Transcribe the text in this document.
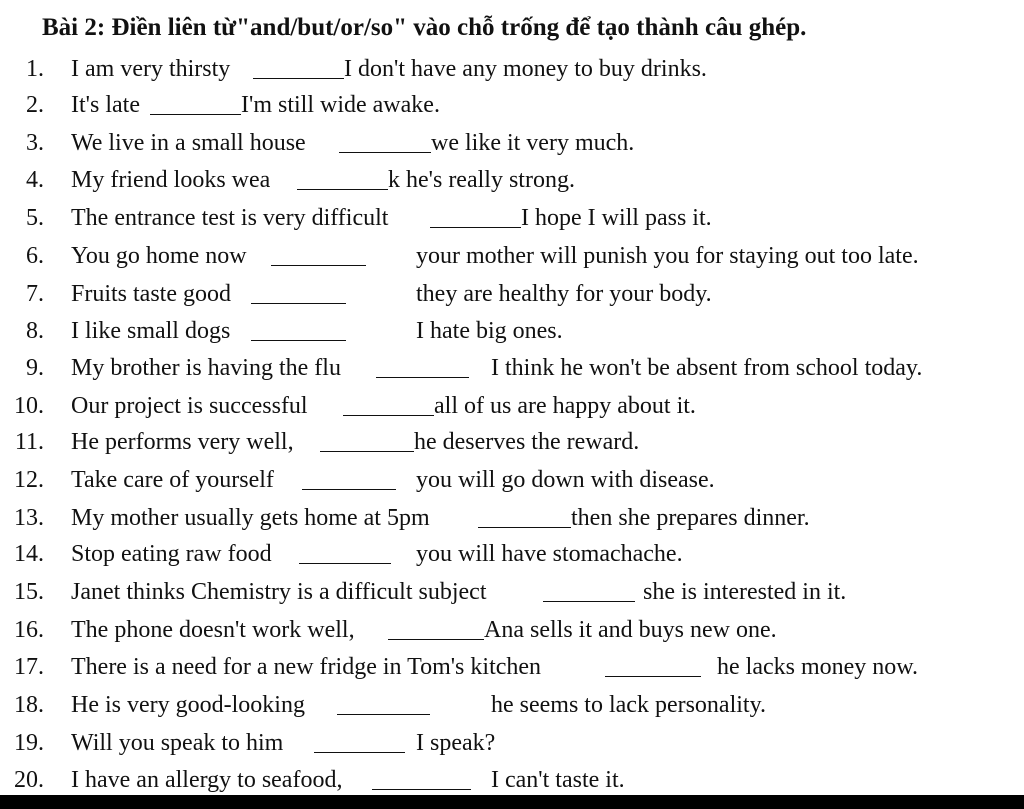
Bài 2: Điền liên từ"and/but/or/so" vào chỗ trống để tạo thành câu ghép.
1. I am very thirsty	I don't have any money to buy drinks.
2. It's late	I'm still wide awake.
3. We live in a small house	we like it very much.
4. My friend looks wea	k he's really strong.
5. The entrance test is very difficult	I hope I will pass it.
6. You go home now	your mother will punish you for staying out too late.
7. Fruits taste good	they are healthy for your body.
8. I like small dogs	I hate big ones.
9. My brother is having the flu	I think he won't be absent from school today.
10. Our project is successful	all of us are happy about it.
11. He performs very well,	he deserves the reward.
12. Take care of yourself	you will go down with disease.
13. My mother usually gets home at 5pm	then she prepares dinner.
14. Stop eating raw food	you will have stomachache.
15. Janet thinks Chemistry is a difficult subject	she is interested in it.
16. The phone doesn't work well,	Ana sells it and buys new one.
17. There is a need for a new fridge in Tom's kitchen	he lacks money now.
18. He is very good-looking	he seems to lack personality.
19. Will you speak to him	I speak?
20. I have an allergy to seafood,	I can't taste it.
